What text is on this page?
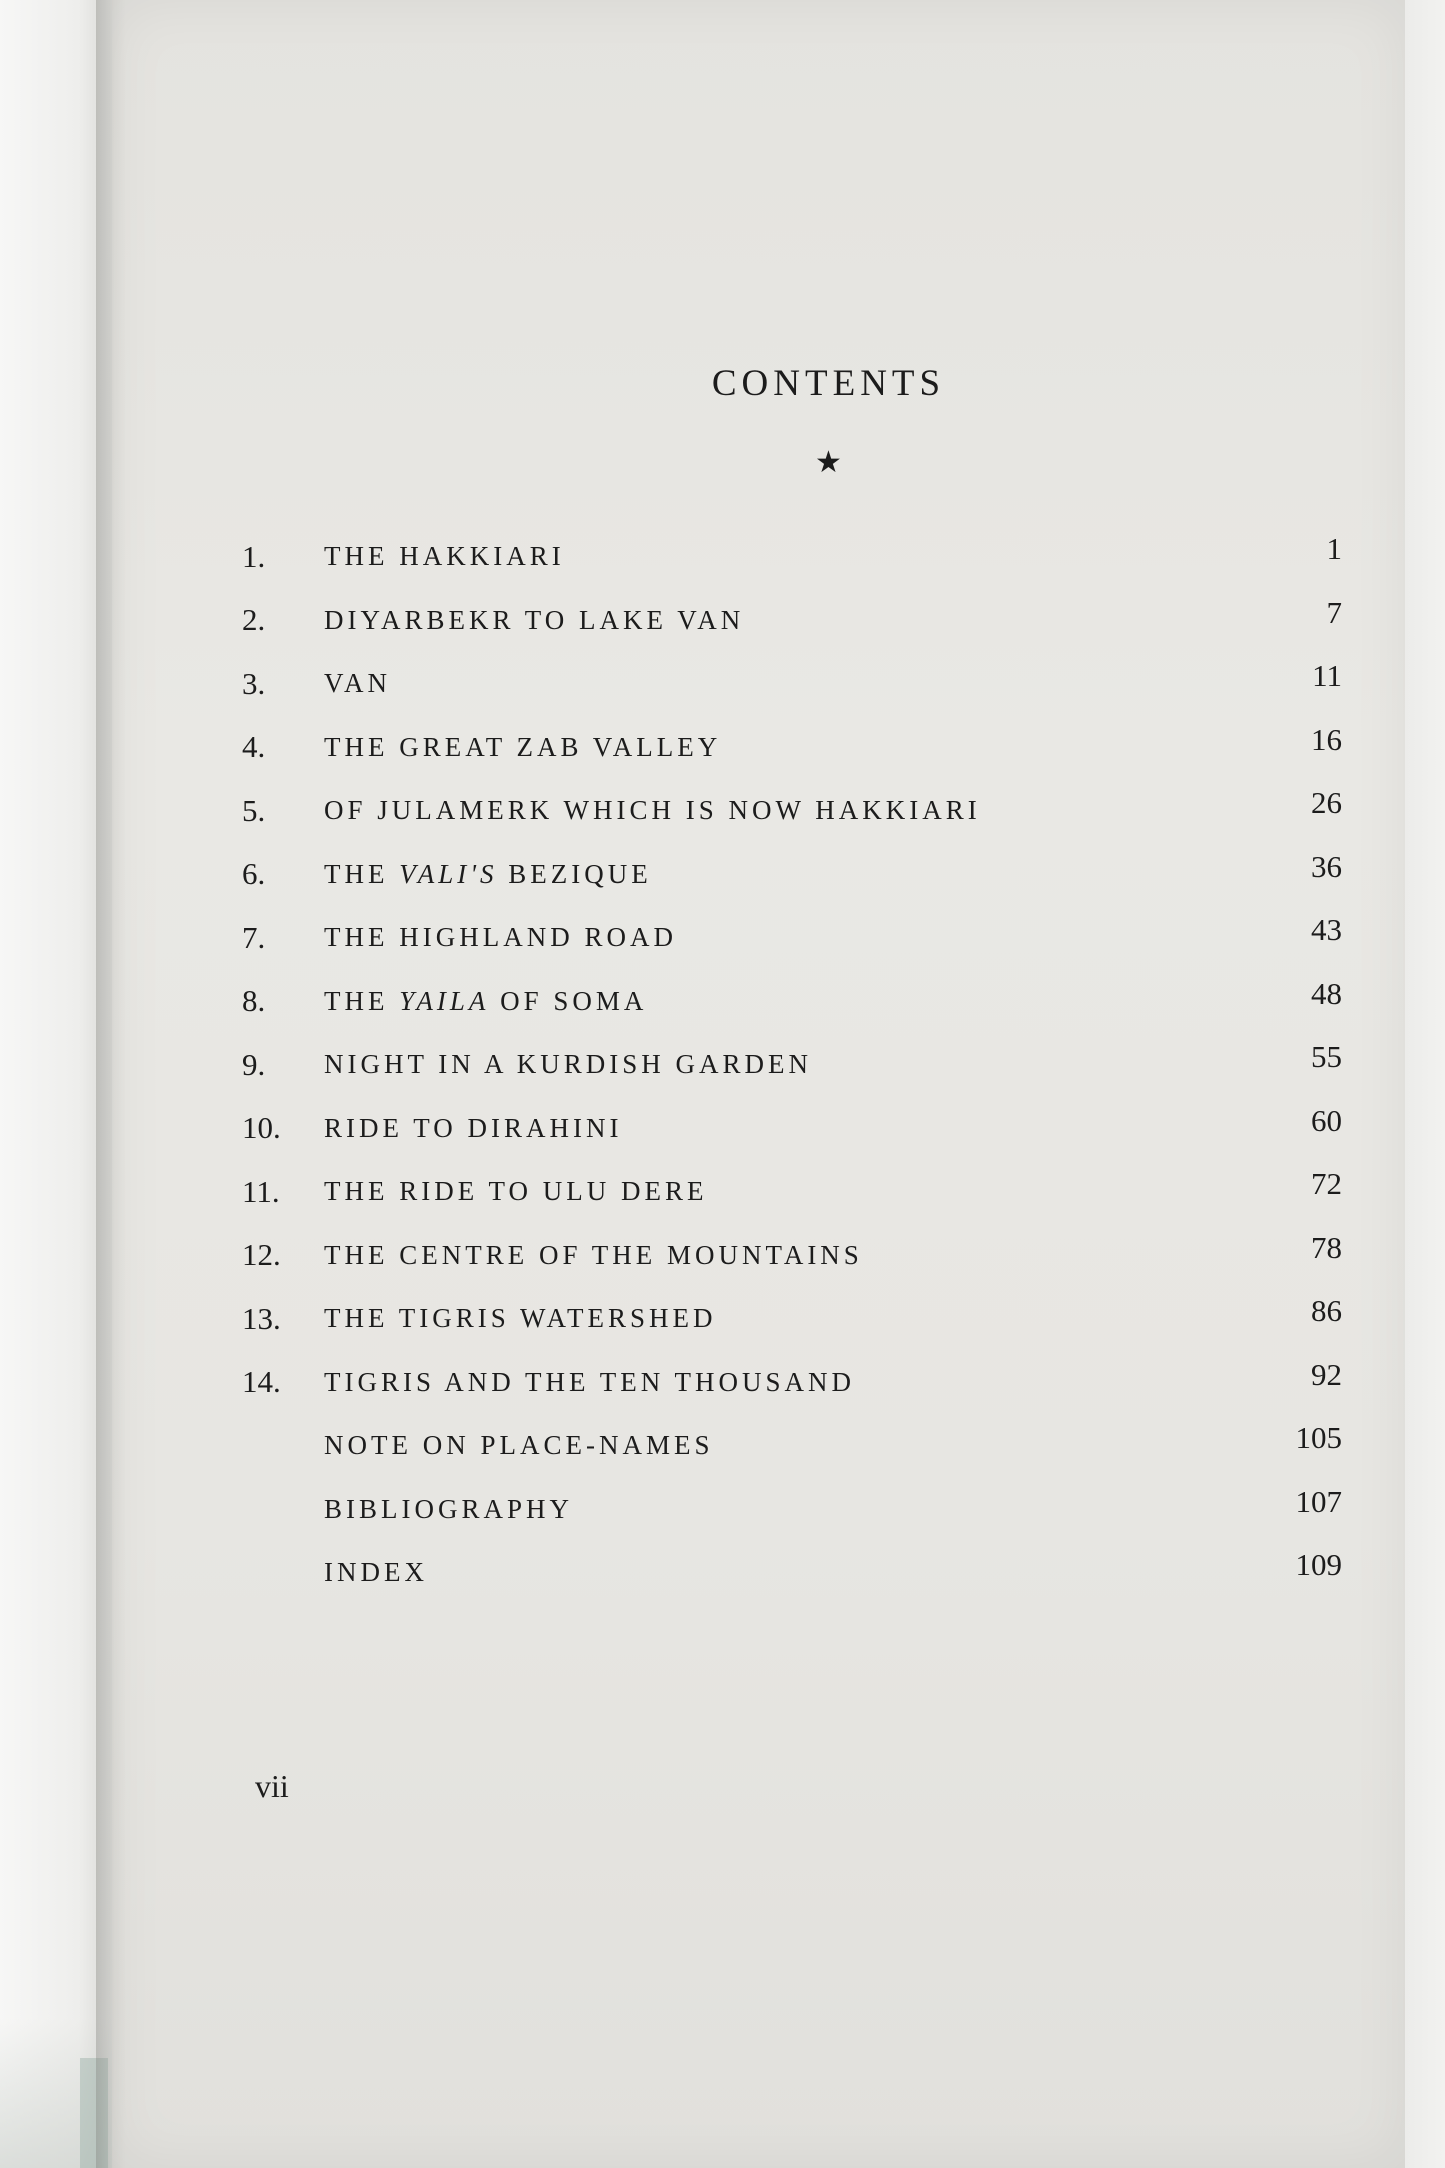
CONTENTS
★
1.	THE HAKKIARI	1
2.	DIYARBEKR TO LAKE VAN	7
3.	VAN	11
4.	THE GREAT ZAB VALLEY	16
5.	OF JULAMERK WHICH IS NOW HAKKIARI	26
6.	THE VALI'S BEZIQUE	36
7.	THE HIGHLAND ROAD	43
8.	THE YAILA OF SOMA	48
9.	NIGHT IN A KURDISH GARDEN	55
10.	RIDE TO DIRAHINI	60
11.	THE RIDE TO ULU DERE	72
12.	THE CENTRE OF THE MOUNTAINS	78
13.	THE TIGRIS WATERSHED	86
14.	TIGRIS AND THE TEN THOUSAND	92
NOTE ON PLACE-NAMES	105
BIBLIOGRAPHY	107
INDEX	109
vii
